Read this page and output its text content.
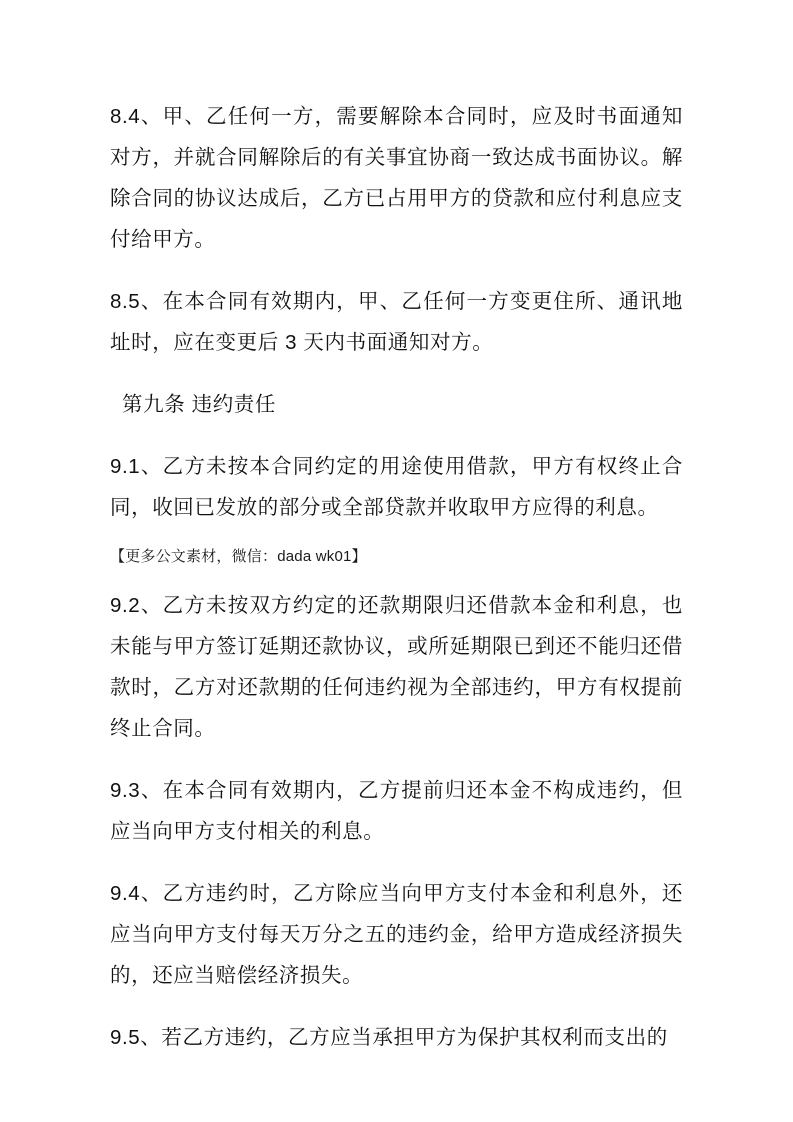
8.4、甲、乙任何一方，需要解除本合同时，应及时书面通知对方，并就合同解除后的有关事宜协商一致达成书面协议。解除合同的协议达成后，乙方已占用甲方的贷款和应付利息应支付给甲方。

8.5、在本合同有效期内，甲、乙任何一方变更住所、通讯地址时，应在变更后 3 天内书面通知对方。

第九条 违约责任

9.1、乙方未按本合同约定的用途使用借款，甲方有权终止合同，收回已发放的部分或全部贷款并收取甲方应得的利息。

【更多公文素材，微信：dada wk01】

9.2、乙方未按双方约定的还款期限归还借款本金和利息，也未能与甲方签订延期还款协议，或所延期限已到还不能归还借款时，乙方对还款期的任何违约视为全部违约，甲方有权提前终止合同。

9.3、在本合同有效期内，乙方提前归还本金不构成违约，但应当向甲方支付相关的利息。

9.4、乙方违约时，乙方除应当向甲方支付本金和利息外，还应当向甲方支付每天万分之五的违约金，给甲方造成经济损失的，还应当赔偿经济损失。

9.5、若乙方违约，乙方应当承担甲方为保护其权利而支出的
